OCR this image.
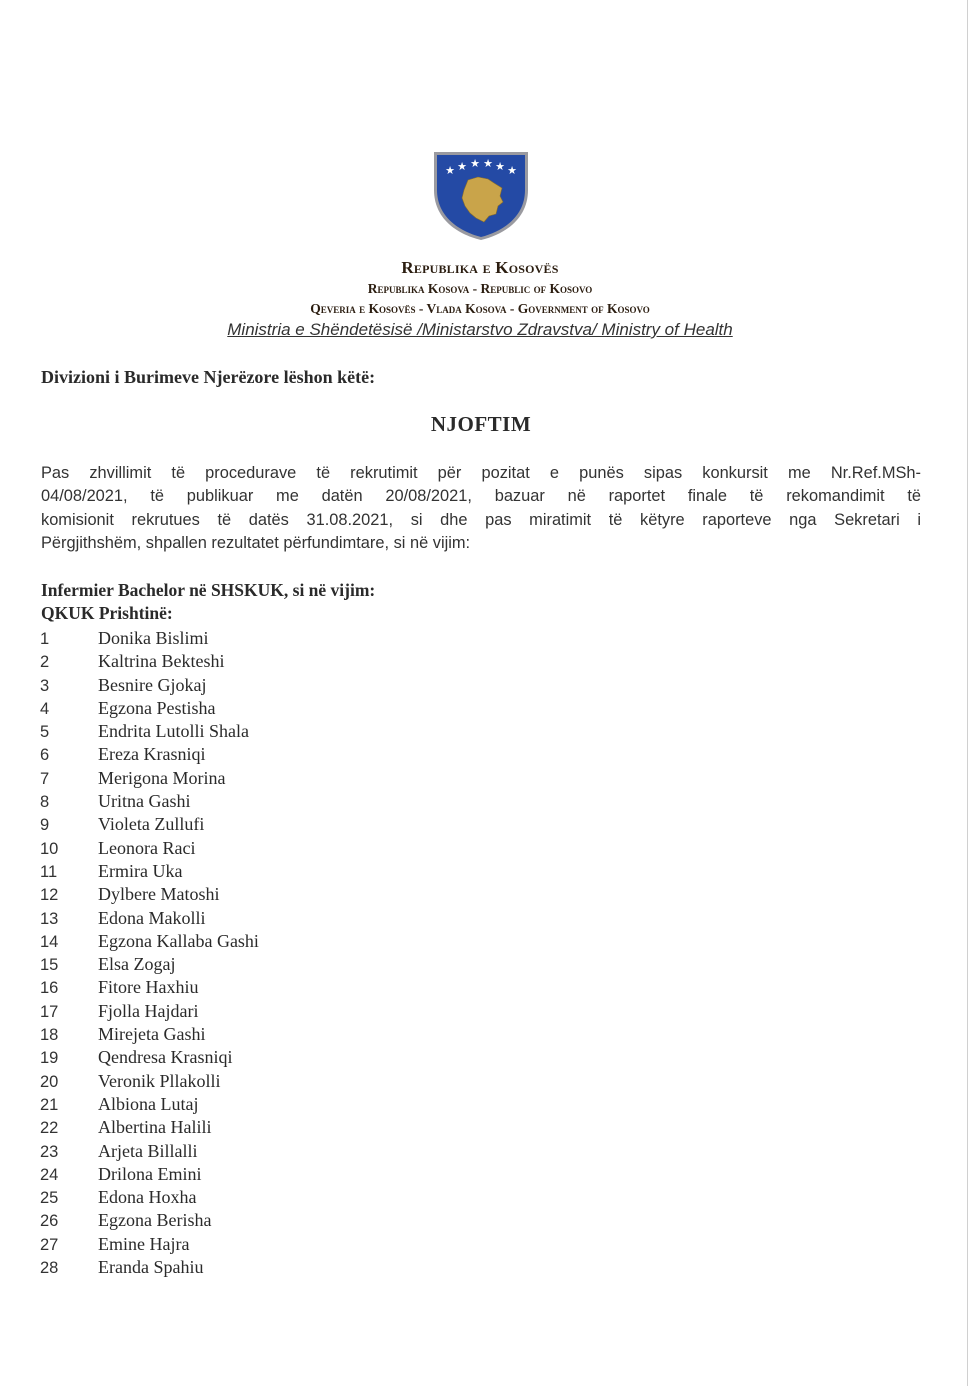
★ ★ ★ ★ ★ ★
Republika e Kosovës
Republika Kosova - Republic of Kosovo
Qeveria e Kosovës - Vlada Kosova - Government of Kosovo
Ministria e Shëndetësisë /Ministarstvo Zdravstva/ Ministry of Health
Divizioni i Burimeve Njerëzore lëshon këtë:
NJOFTIM
Pas zhvillimit të procedurave të rekrutimit për pozitat e punës sipas konkursit me Nr.Ref.MSh-
04/08/2021, të publikuar me datën 20/08/2021, bazuar në raportet finale të rekomandimit të
komisionit rekrutues të datës 31.08.2021, si dhe pas miratimit të këtyre raporteve nga Sekretari i
Përgjithshëm, shpallen rezultatet përfundimtare, si në vijim:
Infermier Bachelor në SHSKUK, si në vijim:
QKUK Prishtinë:
1	Donika Bislimi
2	Kaltrina Bekteshi
3	Besnire Gjokaj
4	Egzona Pestisha
5	Endrita Lutolli Shala
6	Ereza Krasniqi
7	Merigona Morina
8	Uritna Gashi
9	Violeta Zullufi
10 Leonora Raci
11 Ermira Uka
12 Dylbere Matoshi
13 Edona Makolli
14 Egzona Kallaba Gashi
15 Elsa Zogaj
16 Fitore Haxhiu
17 Fjolla Hajdari
18 Mirejeta Gashi
19 Qendresa Krasniqi
20 Veronik Pllakolli
21 Albiona Lutaj
22 Albertina Halili
23 Arjeta Billalli
24 Drilona Emini
25 Edona Hoxha
26 Egzona Berisha
27 Emine Hajra
28 Eranda Spahiu
